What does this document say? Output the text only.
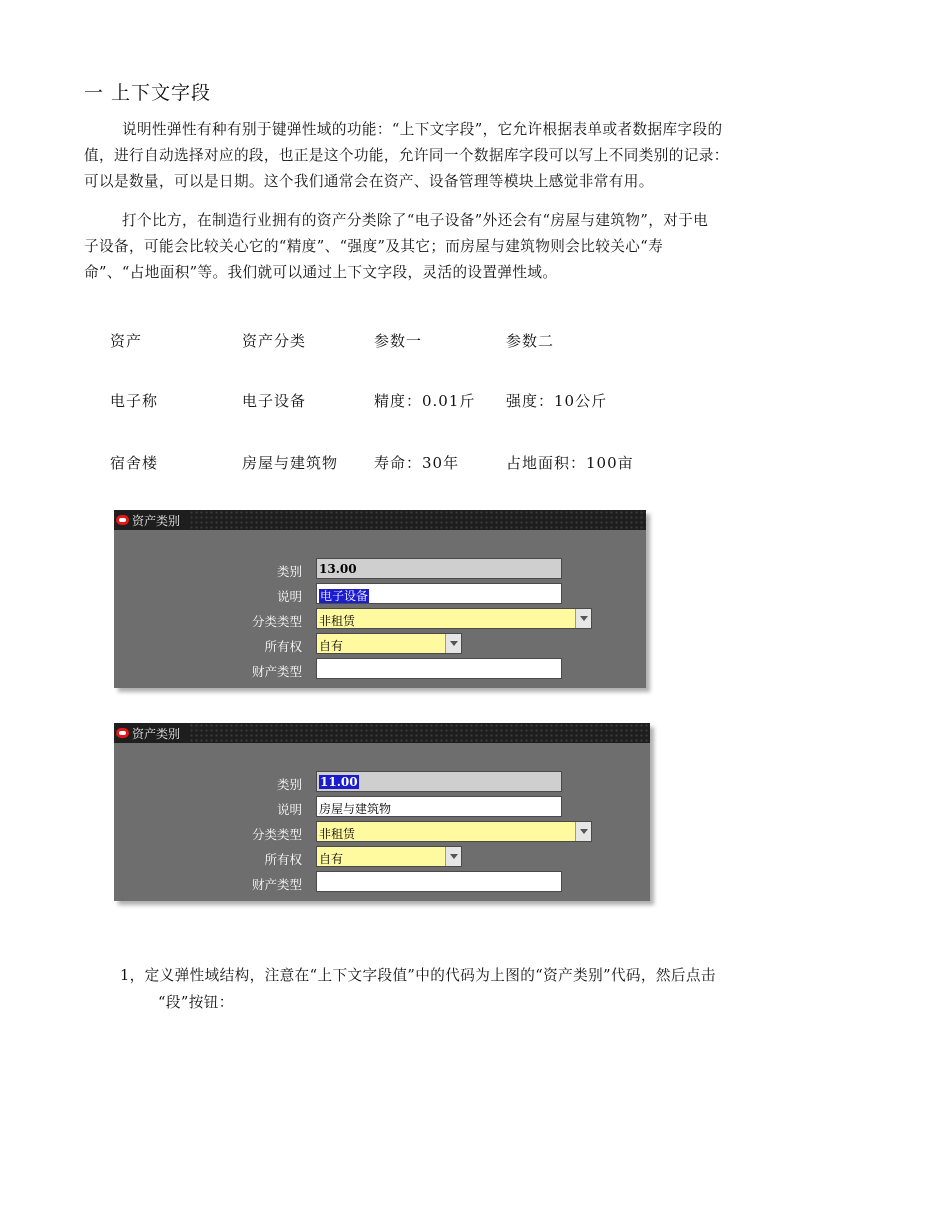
一 上下文字段
说明性弹性有种有别于键弹性域的功能：“上下文字段”，它允许根据表单或者数据库字段的
值，进行自动选择对应的段，也正是这个功能，允许同一个数据库字段可以写上不同类别的记录：
可以是数量，可以是日期。这个我们通常会在资产、设备管理等模块上感觉非常有用。
打个比方，在制造行业拥有的资产分类除了“电子设备”外还会有“房屋与建筑物”，对于电
子设备，可能会比较关心它的“精度”、“强度”及其它；而房屋与建筑物则会比较关心“寿
命”、“占地面积”等。我们就可以通过上下文字段，灵活的设置弹性域。
资产	资产分类	参数一	参数二
电子称	电子设备	精度：0.01斤	强度：10公斤
宿舍楼	房屋与建筑物	寿命：30年	占地面积：100亩
资产类别
类别 13.00
说明	电子设备
分类类型 非租赁
所有权 自有
财产类型
资产类别
类别	11.00
说明 房屋与建筑物
分类类型 非租赁
所有权 自有
财产类型
1，定义弹性域结构，注意在“上下文字段值”中的代码为上图的“资产类别”代码，然后点击
“段”按钮：
